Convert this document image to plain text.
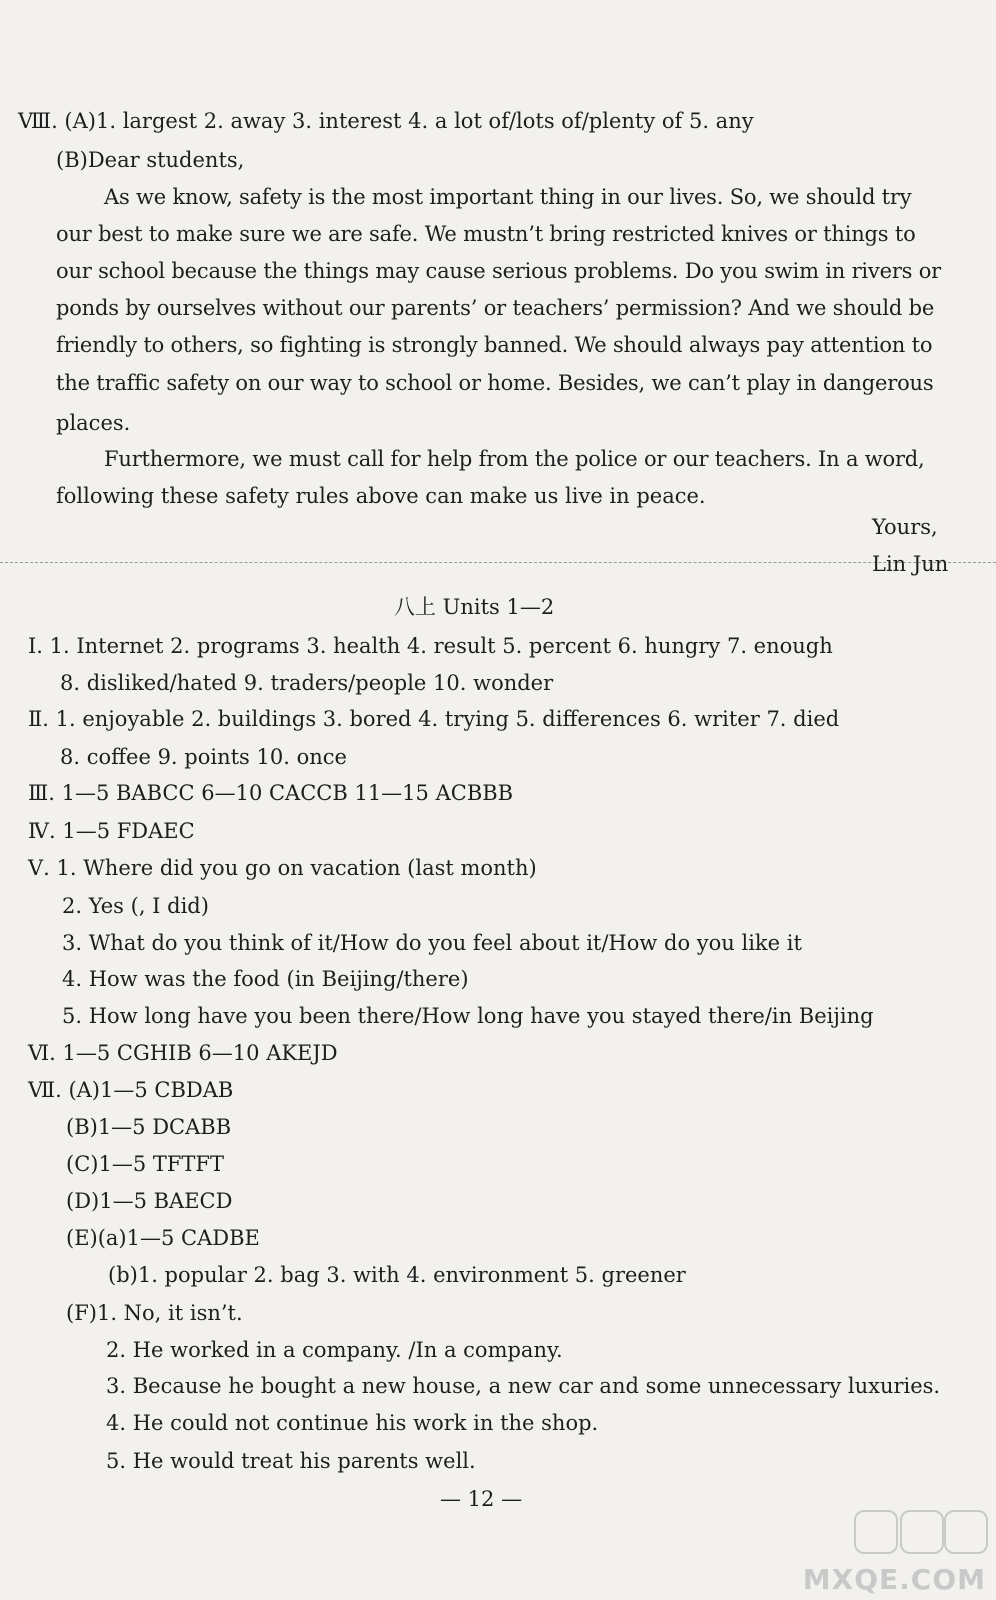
Ⅷ. (A)1. largest 2. away 3. interest 4. a lot of/lots of/plenty of 5. any
(B)Dear students,
As we know, safety is the most important thing in our lives. So, we should try
our best to make sure we are safe. We mustn’t bring restricted knives or things to
our school because the things may cause serious problems. Do you swim in rivers or
ponds by ourselves without our parents’ or teachers’ permission? And we should be
friendly to others, so fighting is strongly banned. We should always pay attention to
the traffic safety on our way to school or home. Besides, we can’t play in dangerous
places.
Furthermore, we must call for help from the police or our teachers. In a word,
following these safety rules above can make us live in peace.
Yours,
Lin Jun
八上 Units 1—2
Ⅰ. 1. Internet 2. programs 3. health 4. result 5. percent 6. hungry 7. enough
8. disliked/hated 9. traders/people 10. wonder
Ⅱ. 1. enjoyable 2. buildings 3. bored 4. trying 5. differences 6. writer 7. died
8. coffee 9. points 10. once
Ⅲ. 1—5 BABCC 6—10 CACCB 11—15 ACBBB
Ⅳ. 1—5 FDAEC
Ⅴ. 1. Where did you go on vacation (last month)
2. Yes (, I did)
3. What do you think of it/How do you feel about it/How do you like it
4. How was the food (in Beijing/there)
5. How long have you been there/How long have you stayed there/in Beijing
Ⅵ. 1—5 CGHIB 6—10 AKEJD
Ⅶ. (A)1—5 CBDAB
(B)1—5 DCABB
(C)1—5 TFTFT
(D)1—5 BAECD
(E)(a)1—5 CADBE
(b)1. popular 2. bag 3. with 4. environment 5. greener
(F)1. No, it isn’t.
2. He worked in a company. /In a company.
3. Because he bought a new house, a new car and some unnecessary luxuries.
4. He could not continue his work in the shop.
5. He would treat his parents well.
— 12 —
MXQE.COM
